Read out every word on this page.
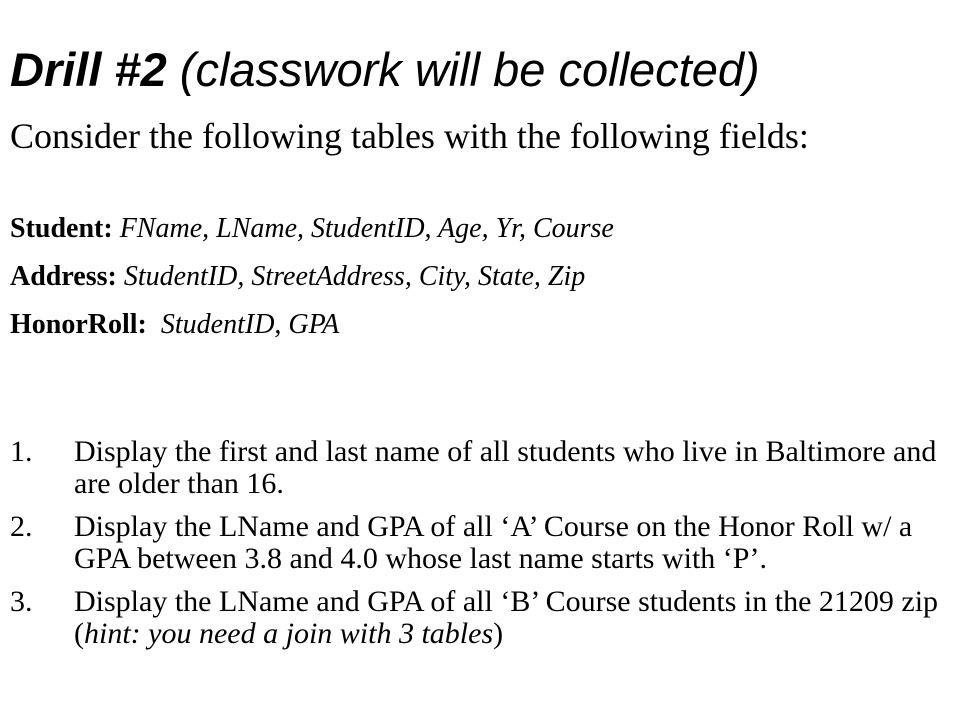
Drill #2 (classwork will be collected)

Consider the following tables with the following fields:

Student: FName, LName, StudentID, Age, Yr, Course

Address: StudentID, StreetAddress, City, State, Zip

HonorRoll:  StudentID, GPA

1. Display the first and last name of all students who live in Baltimore and are older than 16.
2. Display the LName and GPA of all ‘A’ Course on the Honor Roll w/ a GPA between 3.8 and 4.0 whose last name starts with ‘P’.
3. Display the LName and GPA of all ‘B’ Course students in the 21209 zip (hint: you need a join with 3 tables)
